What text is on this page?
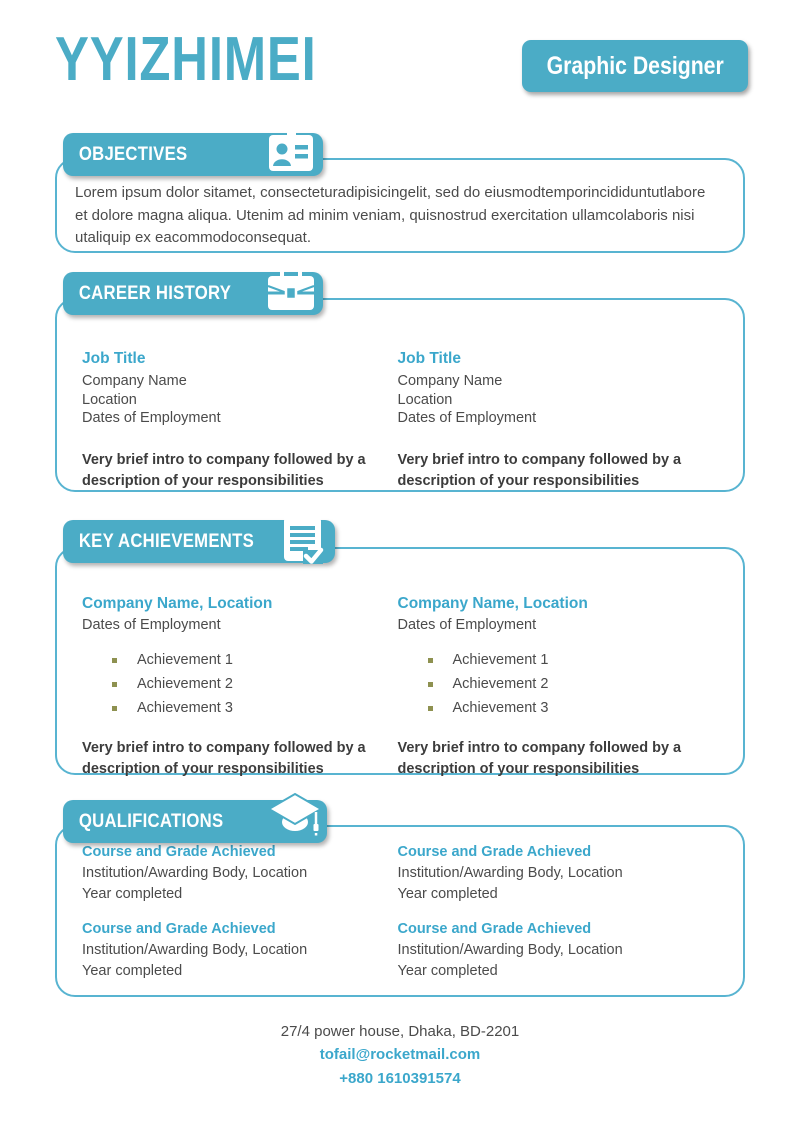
YYIZHIMEI	Graphic Designer
OBJECTIVES

Lorem ipsum dolor sitamet, consecteturadipisicingelit, sed do eiusmodtemporincididuntutlabore et dolore magna aliqua. Utenim ad minim veniam, quisnostrud exercitation ullamcolaboris nisi utaliquip ex eacommodoconsequat.

CAREER HISTORY
Job Title
Company Name
Location
Dates of Employment
Very brief intro to company followed by a description of your responsibilities
Job Title
Company Name
Location
Dates of Employment
Very brief intro to company followed by a description of your responsibilities
KEY ACHIEVEMENTS
Company Name, Location
Dates of Employment
Achievement 1
Achievement 2
Achievement 3
Very brief intro to company followed by a description of your responsibilities
Company Name, Location
Dates of Employment
Achievement 1
Achievement 2
Achievement 3
Very brief intro to company followed by a description of your responsibilities
QUALIFICATIONS
Course and Grade Achieved
Institution/Awarding Body, Location
Year completed
Course and Grade Achieved
Institution/Awarding Body, Location
Year completed
Course and Grade Achieved
Institution/Awarding Body, Location
Year completed
Course and Grade Achieved
Institution/Awarding Body, Location
Year completed
27/4 power house, Dhaka, BD-2201
tofail@rocketmail.com
+880 1610391574
